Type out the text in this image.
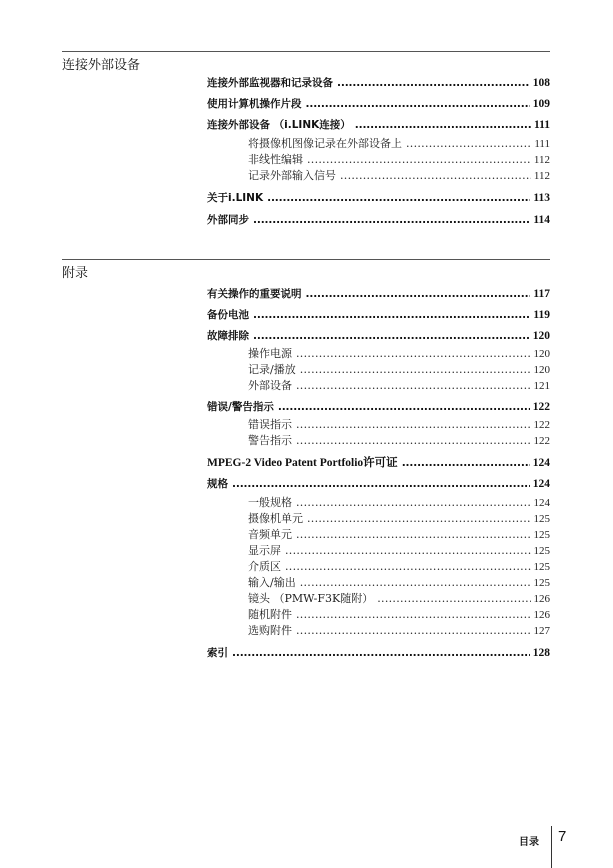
连接外部设备
连接外部监视器和记录设备 . . .	108
使用计算机操作片段 . . .	109
连接外部设备 （i.LINK连接） . . .	111
将摄像机图像记录在外部设备上 . . .	111
非线性编辑 . . .	112
记录外部输入信号 . . .	112
关于i.LINK . . .	113
外部同步 . . .	114
附录
有关操作的重要说明 . . .	117
备份电池 . . .	119
故障排除 . . .	120
操作电源 . . .	120
记录/播放 . . .	120
外部设备 . . .	121
错误/警告指示 . . .	122
错误指示 . . .	122
警告指示 . . .	122
MPEG-2 Video Patent Portfolio许可证 . . .	124
规格 . . .	124
一般规格 . . .	124
摄像机单元 . . .	125
音频单元 . . .	125
显示屏 . . .	125
介质区 . . .	125
输入/输出 . . .	125
镜头 （PMW-F3K随附） . . .	126
随机附件 . . .	126
选购附件 . . .	127
索引 . . .	128
目录 7
